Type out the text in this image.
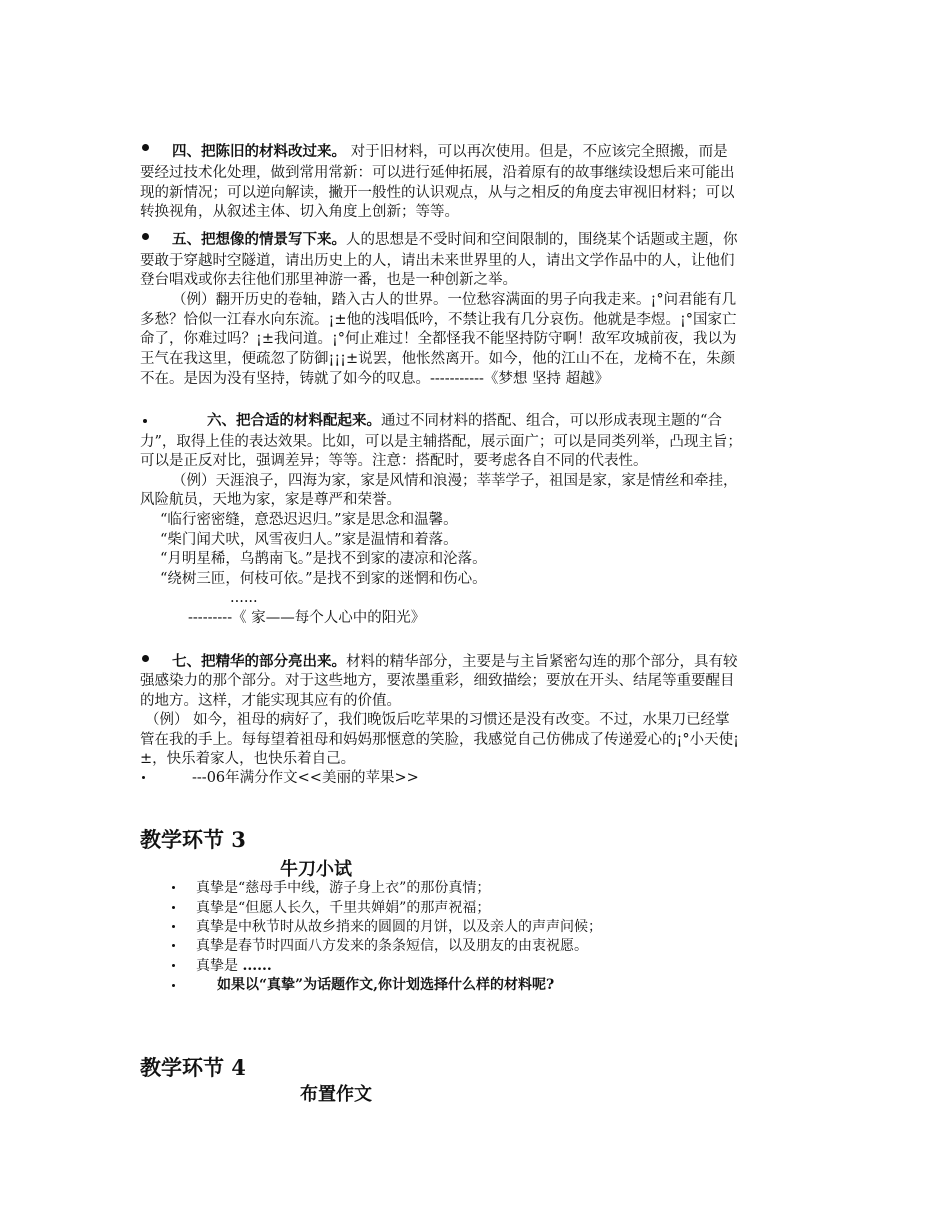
四、把陈旧的材料改过来。 对于旧材料，可以再次使用。但是，不应该完全照搬，而是
要经过技术化处理，做到常用常新：可以进行延伸拓展，沿着原有的故事继续设想后来可能出
现的新情况；可以逆向解读，撇开一般性的认识观点，从与之相反的角度去审视旧材料；可以
转换视角，从叙述主体、切入角度上创新；等等。
五、把想像的情景写下来。人的思想是不受时间和空间限制的，围绕某个话题或主题，你
要敢于穿越时空隧道，请出历史上的人，请出未来世界里的人，请出文学作品中的人，让他们
登台唱戏或你去往他们那里神游一番，也是一种创新之举。
（例）翻开历史的卷轴，踏入古人的世界。一位愁容满面的男子向我走来。¡°问君能有几
多愁？恰似一江春水向东流。¡±他的浅唱低吟，不禁让我有几分哀伤。他就是李煜。¡°国家亡
命了，你难过吗？¡±我问道。¡°何止难过！全都怪我不能坚持防守啊！敌军攻城前夜，我以为
王气在我这里，便疏忽了防御¡¡¡±说罢，他怅然离开。如今，他的江山不在，龙椅不在，朱颜
不在。是因为没有坚持，铸就了如今的叹息。-----------《梦想 坚持 超越》
六、把合适的材料配起来。通过不同材料的搭配、组合，可以形成表现主题的“合
力”，取得上佳的表达效果。比如，可以是主辅搭配，展示面广；可以是同类列举，凸现主旨；
可以是正反对比，强调差异；等等。注意：搭配时，要考虑各自不同的代表性。
（例）天涯浪子，四海为家，家是风情和浪漫；莘莘学子，祖国是家，家是情丝和牵挂，
风险航员，天地为家，家是尊严和荣誉。
“临行密密缝，意恐迟迟归。”家是思念和温馨。
“柴门闻犬吠，风雪夜归人。”家是温情和着落。
“月明星稀，乌鹊南飞。”是找不到家的凄凉和沦落。
“绕树三匝，何枝可依。”是找不到家的迷惘和伤心。
......
---------《 家——每个人心中的阳光》
七、把精华的部分亮出来。材料的精华部分，主要是与主旨紧密勾连的那个部分，具有较
强感染力的那个部分。对于这些地方，要浓墨重彩，细致描绘；要放在开头、结尾等重要醒目
的地方。这样，才能实现其应有的价值。
（例） 如今，祖母的病好了，我们晚饭后吃苹果的习惯还是没有改变。不过，水果刀已经掌
管在我的手上。每每望着祖母和妈妈那惬意的笑脸，我感觉自己仿佛成了传递爱心的¡°小天使¡
±，快乐着家人，也快乐着自己。
---06年满分作文<<美丽的苹果>>
教学环节 3
牛刀小试
真挚是“慈母手中线，游子身上衣”的那份真情；
真挚是“但愿人长久，千里共婵娟”的那声祝福；
真挚是中秋节时从故乡捎来的圆圆的月饼，以及亲人的声声问候；
真挚是春节时四面八方发来的条条短信，以及朋友的由衷祝愿。
真挚是 ......
如果以“真挚”为话题作文,你计划选择什么样的材料呢?
教学环节 4
布置作文
